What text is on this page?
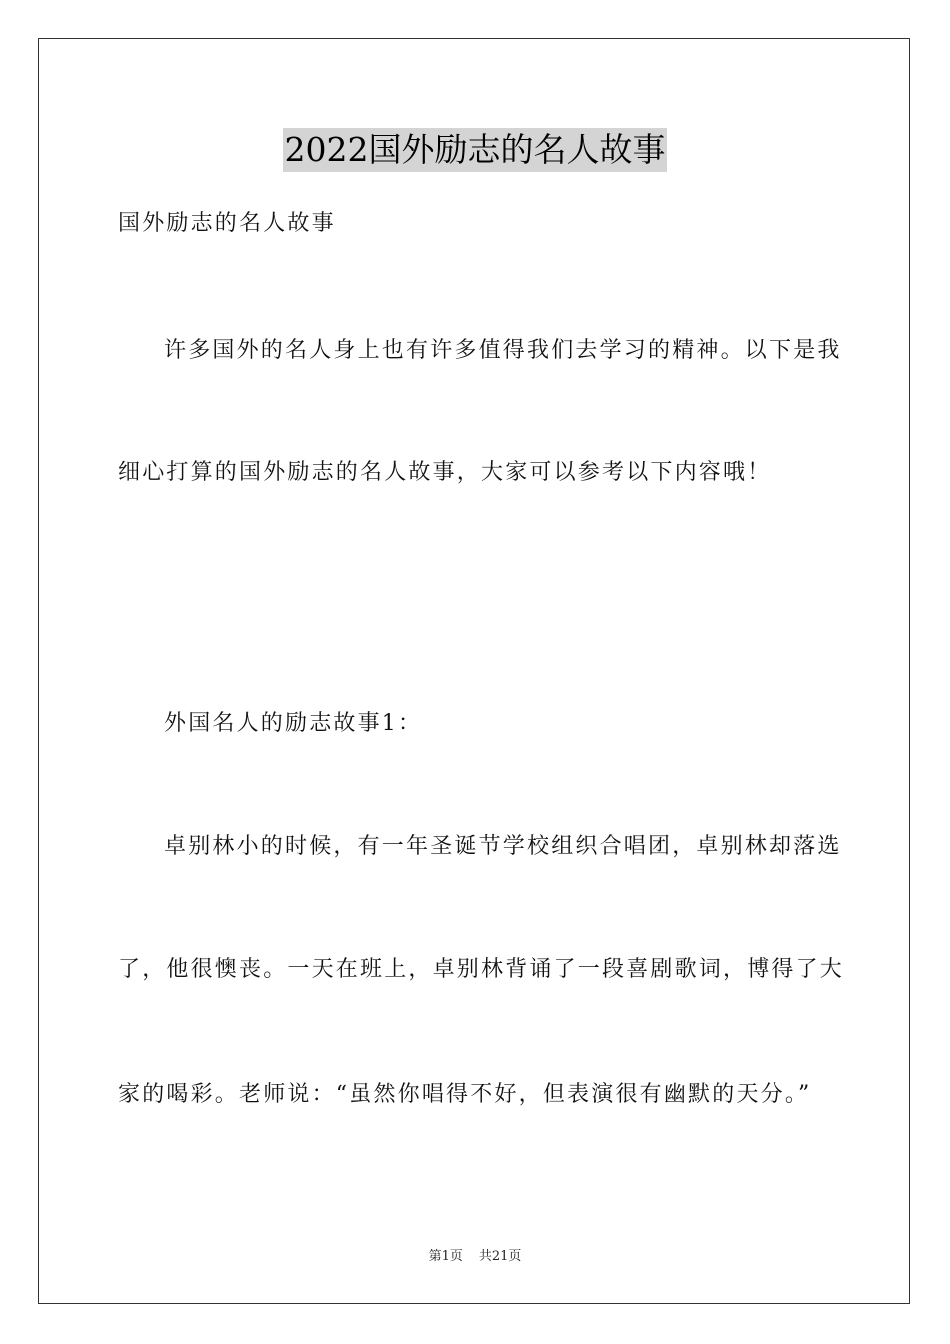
2022国外励志的名人故事
国外励志的名人故事
许多国外的名人身上也有许多值得我们去学习的精神。以下是我
细心打算的国外励志的名人故事，大家可以参考以下内容哦！
外国名人的励志故事1：
卓别林小的时候，有一年圣诞节学校组织合唱团，卓别林却落选
了，他很懊丧。一天在班上，卓别林背诵了一段喜剧歌词，博得了大
家的喝彩。老师说：“虽然你唱得不好，但表演很有幽默的天分。”
第1页 共21页
